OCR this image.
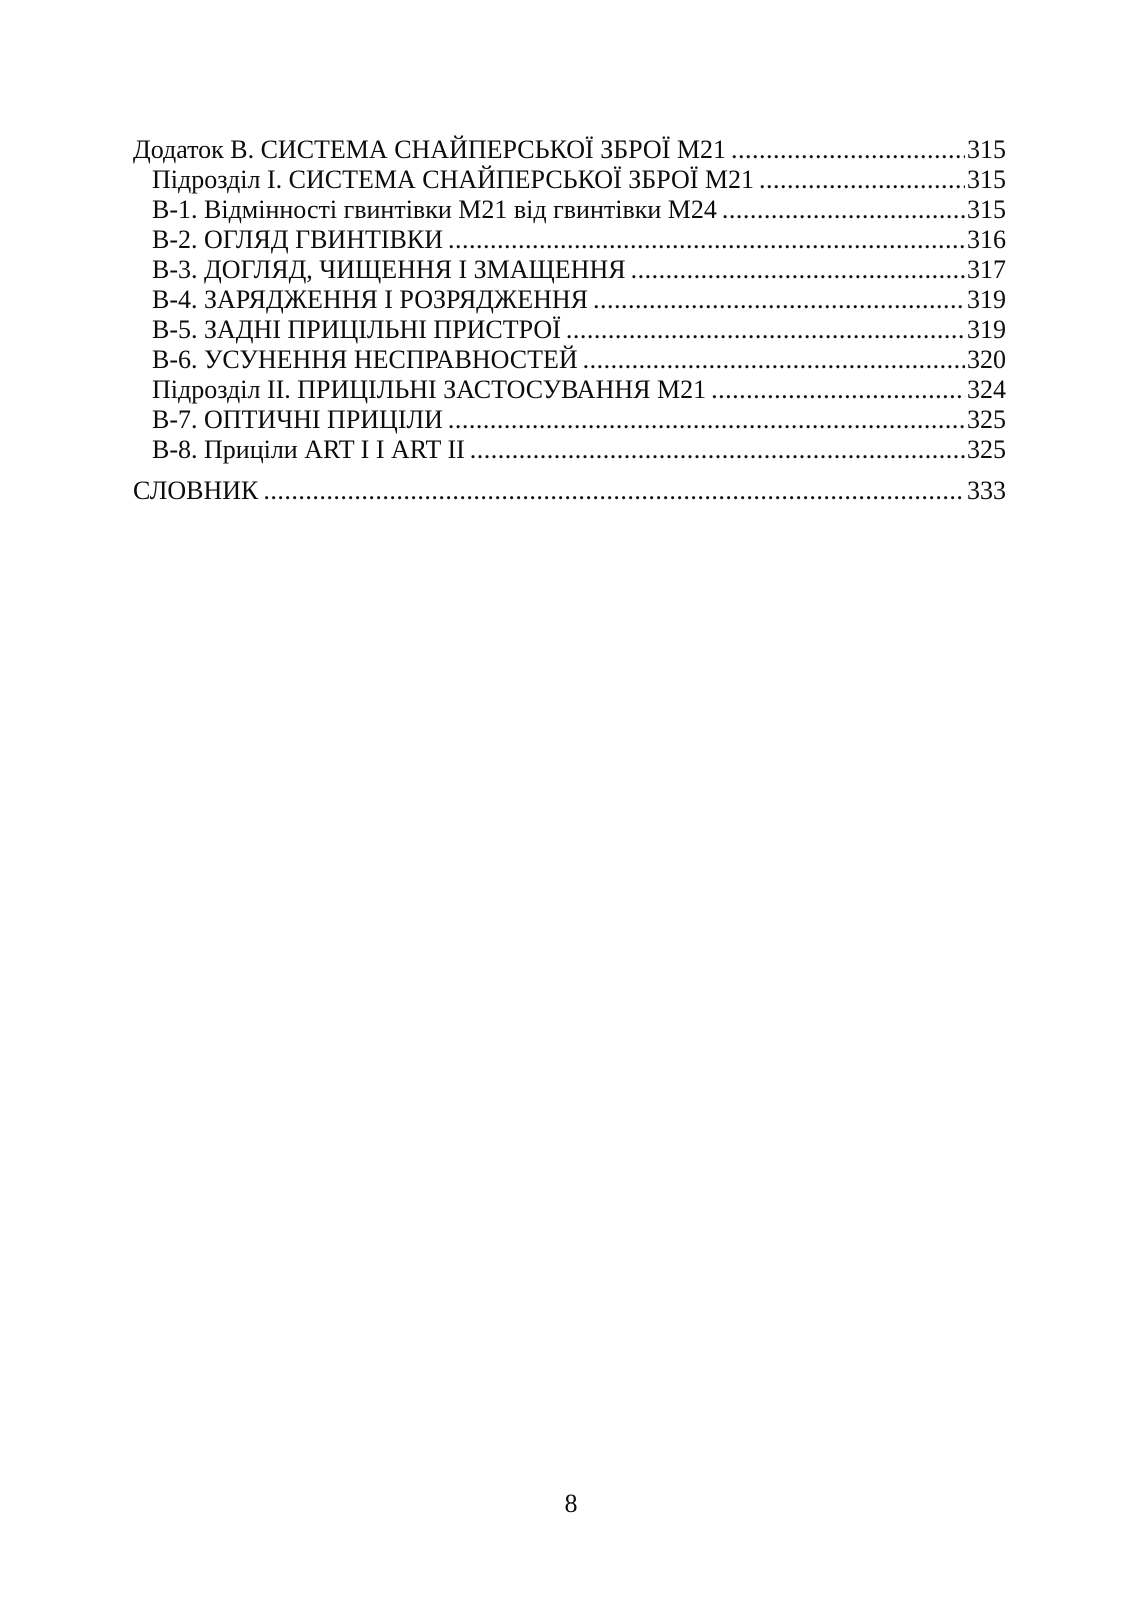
Додаток В. СИСТЕМА СНАЙПЕРСЬКОЇ ЗБРОЇ М21 .....	315
Підрозділ І. СИСТЕМА СНАЙПЕРСЬКОЇ ЗБРОЇ М21 .....	315
В-1. Відмінності гвинтівки М21 від гвинтівки М24 .....	315
В-2. ОГЛЯД ГВИНТІВКИ .....	316
В-3. ДОГЛЯД, ЧИЩЕННЯ І ЗМАЩЕННЯ .....	317
В-4. ЗАРЯДЖЕННЯ І РОЗРЯДЖЕННЯ .....	319
В-5. ЗАДНІ ПРИЦІЛЬНІ ПРИСТРОЇ .....	319
В-6. УСУНЕННЯ НЕСПРАВНОСТЕЙ .....	320
Підрозділ ІІ. ПРИЦІЛЬНІ ЗАСТОСУВАННЯ М21 .....	324
В-7. ОПТИЧНІ ПРИЦІЛИ .....	325
В-8. Приціли ART I І ART II .....	325
СЛОВНИК .....	333
8
